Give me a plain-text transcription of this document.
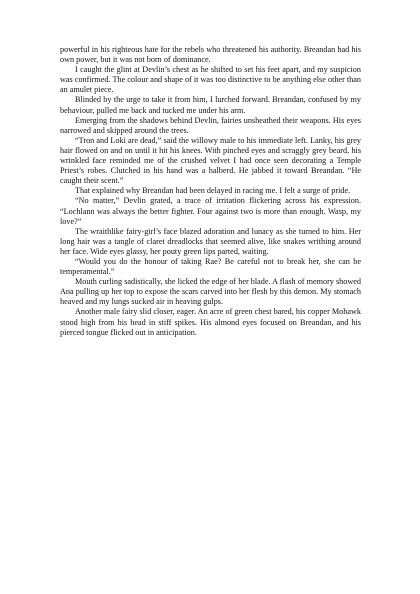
powerful in his righteous hate for the rebels who threatened his authority. Breandan had his own power, but it was not born of dominance.

I caught the glint at Devlin’s chest as he shifted to set his feet apart, and my suspicion was confirmed. The colour and shape of it was too distinctive to be anything else other than an amulet piece.

Blinded by the urge to take it from him, I lurched forward. Breandan, confused by my behaviour, pulled me back and tucked me under his arm.

Emerging from the shadows behind Devlin, fairies unsheathed their weapons. His eyes narrowed and skipped around the trees.

“Tron and Loki are dead,” said the willowy male to his immediate left. Lanky, his grey hair flowed on and on until it hit his knees. With pinched eyes and scraggly grey beard, his wrinkled face reminded me of the crushed velvet I had once seen decorating a Temple Priest’s robes. Clutched in his hand was a halberd. He jabbed it toward Breandan. “He caught their scent.”

That explained why Breandan had been delayed in racing me. I felt a surge of pride.

“No matter,” Devlin grated, a trace of irritation flickering across his expression. “Lochlann was always the better fighter. Four against two is more than enough. Wasp, my love?”

The wraithlike fairy-girl’s face blazed adoration and lunacy as she turned to him. Her long hair was a tangle of claret dreadlocks that seemed alive, like snakes writhing around her face. Wide eyes glassy, her pouty green lips parted, waiting.

“Would you do the honour of taking Rae? Be careful not to break her, she can be temperamental.”

Mouth curling sadistically, she licked the edge of her blade. A flash of memory showed Ana pulling up her top to expose the scars carved into her flesh by this demon. My stomach heaved and my lungs sucked air in heaving gulps.

Another male fairy slid closer, eager. An acre of green chest bared, his copper Mohawk stood high from his head in stiff spikes. His almond eyes focused on Breandan, and his pierced tongue flicked out in anticipation.
